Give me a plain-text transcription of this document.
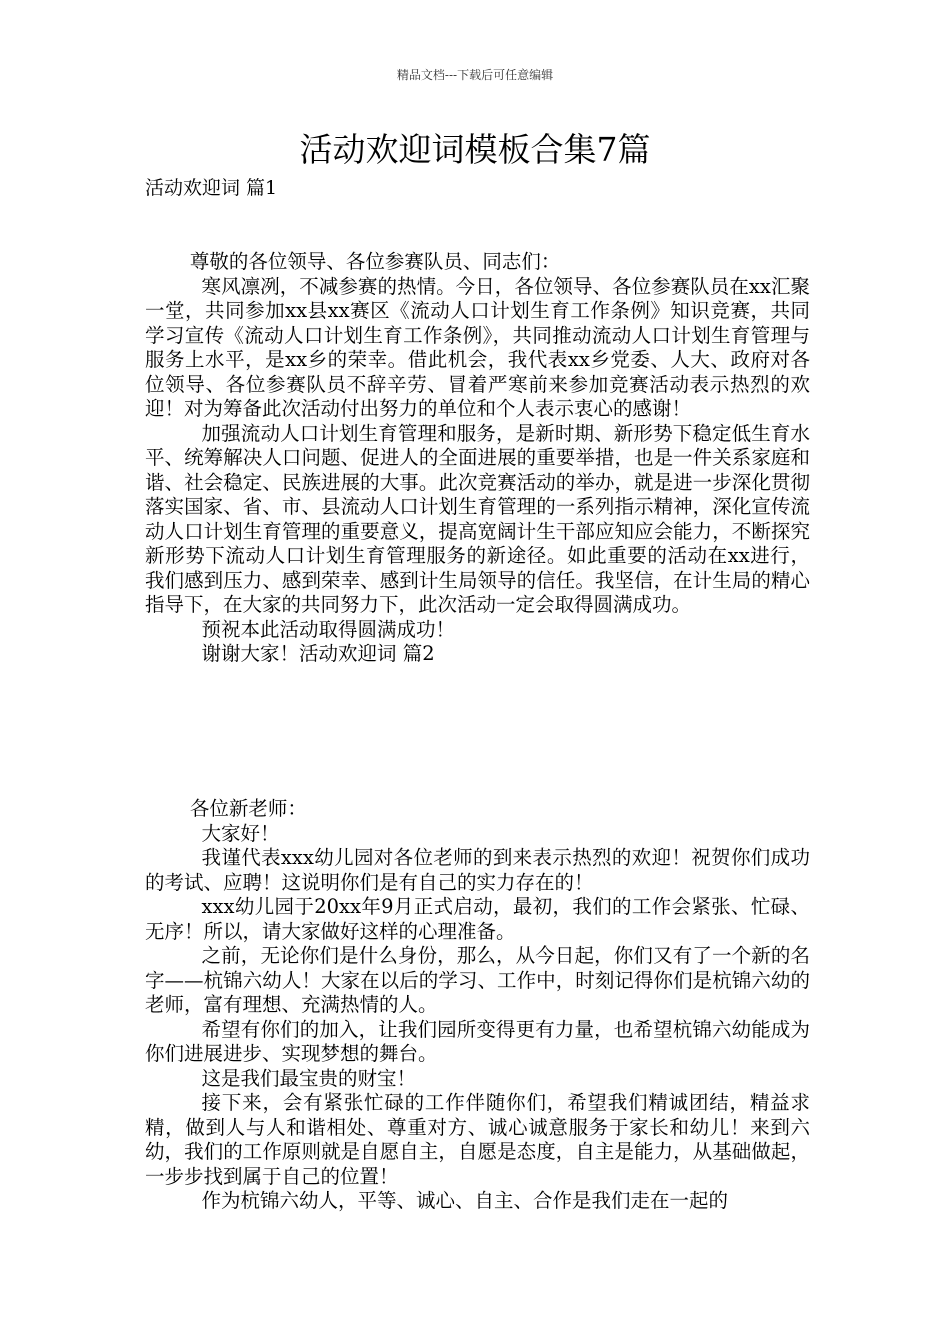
精品文档---下载后可任意编辑
活动欢迎词模板合集7篇
活动欢迎词 篇1

尊敬的各位领导、各位参赛队员、同志们：

寒风凛冽，不减参赛的热情。今日，各位领导、各位参赛队员在xx汇聚一堂，共同参加xx县xx赛区《流动人口计划生育工作条例》知识竞赛，共同学习宣传《流动人口计划生育工作条例》，共同推动流动人口计划生育管理与服务上水平，是xx乡的荣幸。借此机会，我代表xx乡党委、人大、政府对各位领导、各位参赛队员不辞辛劳、冒着严寒前来参加竞赛活动表示热烈的欢迎！对为筹备此次活动付出努力的单位和个人表示衷心的感谢！

加强流动人口计划生育管理和服务，是新时期、新形势下稳定低生育水平、统筹解决人口问题、促进人的全面进展的重要举措，也是一件关系家庭和谐、社会稳定、民族进展的大事。此次竞赛活动的举办，就是进一步深化贯彻落实国家、省、市、县流动人口计划生育管理的一系列指示精神，深化宣传流动人口计划生育管理的重要意义，提高宽阔计生干部应知应会能力，不断探究新形势下流动人口计划生育管理服务的新途径。如此重要的活动在xx进行，我们感到压力、感到荣幸、感到计生局领导的信任。我坚信，在计生局的精心指导下，在大家的共同努力下，此次活动一定会取得圆满成功。

预祝本此活动取得圆满成功！

谢谢大家！活动欢迎词 篇2

各位新老师：

大家好！

我谨代表xxx幼儿园对各位老师的到来表示热烈的欢迎！祝贺你们成功的考试、应聘！这说明你们是有自己的实力存在的！

xxx幼儿园于20xx年9月正式启动，最初，我们的工作会紧张、忙碌、无序！所以，请大家做好这样的心理准备。

之前，无论你们是什么身份，那么，从今日起，你们又有了一个新的名字——杭锦六幼人！大家在以后的学习、工作中，时刻记得你们是杭锦六幼的老师，富有理想、充满热情的人。

希望有你们的加入，让我们园所变得更有力量，也希望杭锦六幼能成为你们进展进步、实现梦想的舞台。

这是我们最宝贵的财宝！

接下来，会有紧张忙碌的工作伴随你们，希望我们精诚团结，精益求精，做到人与人和谐相处、尊重对方、诚心诚意服务于家长和幼儿！来到六幼，我们的工作原则就是自愿自主，自愿是态度，自主是能力，从基础做起，一步步找到属于自己的位置！

作为杭锦六幼人，平等、诚心、自主、合作是我们走在一起的
